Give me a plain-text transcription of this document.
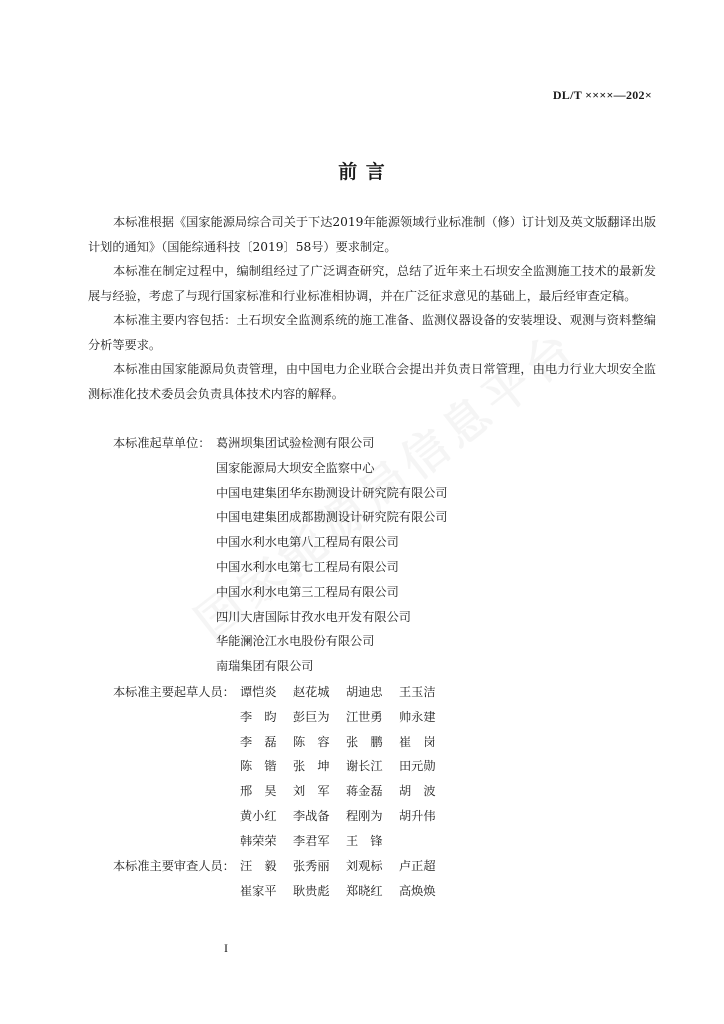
DL/T ××××—202×
前 言

本标准根据《国家能源局综合司关于下达2019年能源领域行业标准制（修）订计划及英文版翻译出版计划的通知》（国能综通科技〔2019〕58号）要求制定。

本标准在制定过程中，编制组经过了广泛调查研究，总结了近年来土石坝安全监测施工技术的最新发展与经验，考虑了与现行国家标准和行业标准相协调，并在广泛征求意见的基础上，最后经审查定稿。

本标准主要内容包括：土石坝安全监测系统的施工准备、监测仪器设备的安装埋设、观测与资料整编分析等要求。

本标准由国家能源局负责管理，由中国电力企业联合会提出并负责日常管理，由电力行业大坝安全监测标准化技术委员会负责具体技术内容的解释。

本标准起草单位： 葛洲坝集团试验检测有限公司
国家能源局大坝安全监察中心
中国电建集团华东勘测设计研究院有限公司
中国电建集团成都勘测设计研究院有限公司
中国水利水电第八工程局有限公司
中国水利水电第七工程局有限公司
中国水利水电第三工程局有限公司
四川大唐国际甘孜水电开发有限公司
华能澜沧江水电股份有限公司
南瑞集团有限公司
本标准主要起草人员： 谭恺炎 赵花城 胡迪忠 王玉洁
李　昀 彭巨为 江世勇 帅永建
李　磊 陈　容 张　鹏 崔　岗
陈　锴 张　坤 谢长江 田元勋
邢　昊 刘　军 蒋金磊 胡　波
黄小红 李战备 程刚为 胡升伟
韩荣荣 李君军 王　锋
本标准主要审查人员： 汪　毅 张秀丽 刘观标 卢正超
崔家平 耿贵彪 郑晓红 高焕焕
I
